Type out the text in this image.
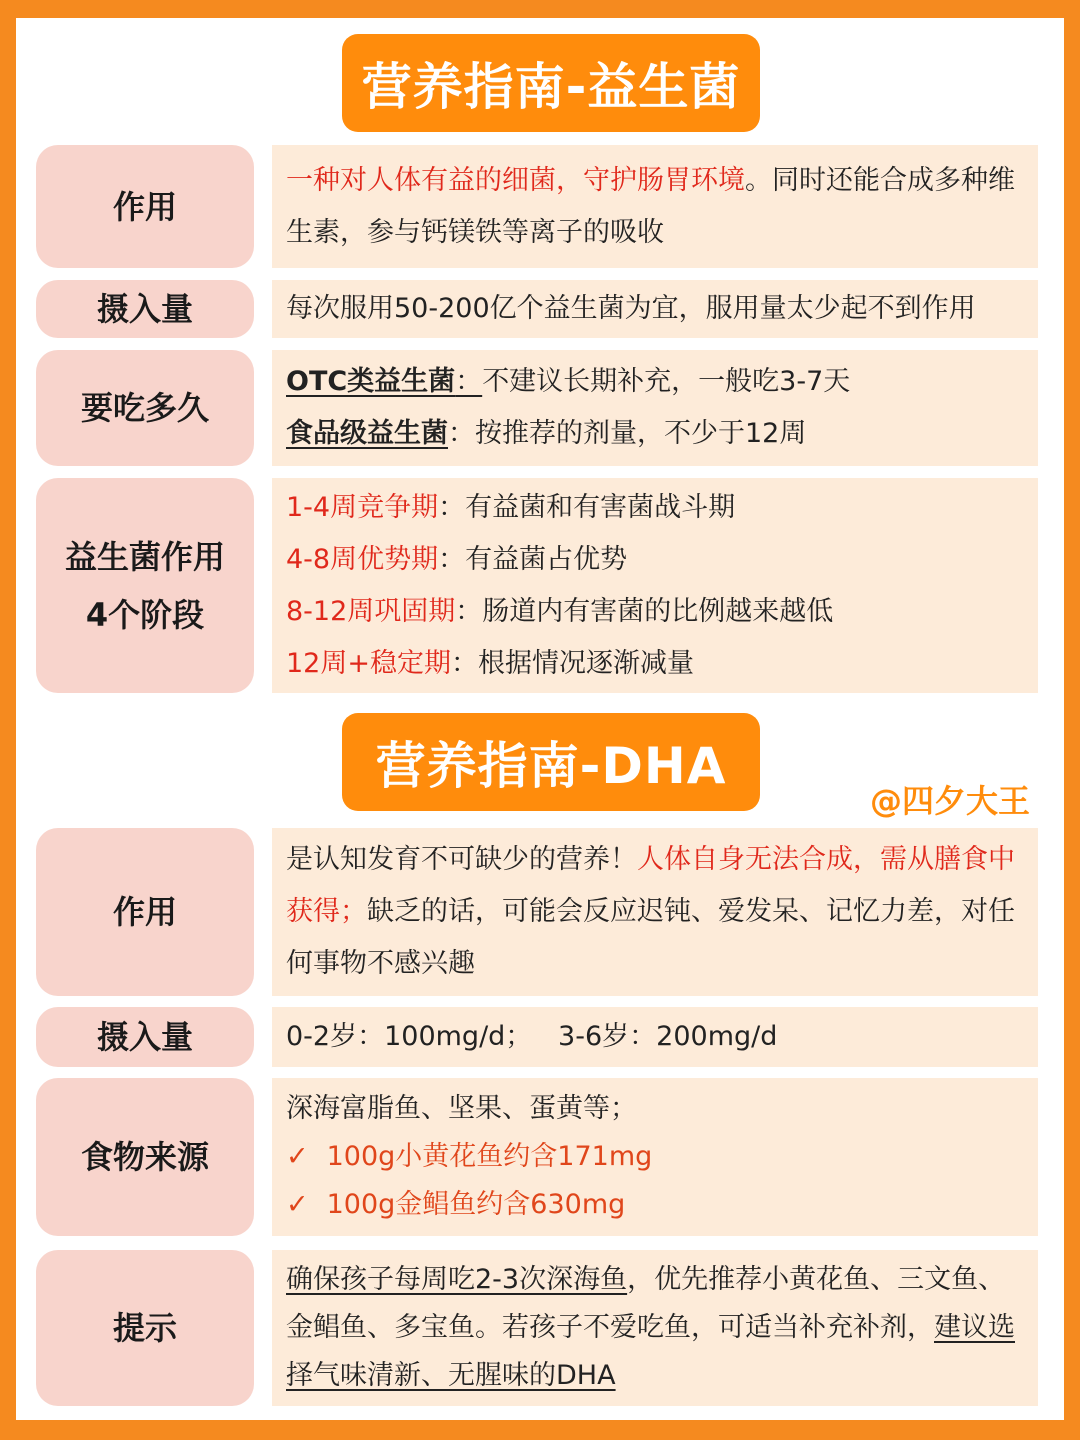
营养指南-益生菌
作用
一种对人体有益的细菌，守护肠胃环境。同时还能合成多种维生素，参与钙镁铁等离子的吸收
摄入量	每次服用50-200亿个益生菌为宜，服用量太少起不到作用
要吃多久
OTC类益生菌：不建议长期补充，一般吃3-7天
食品级益生菌：按推荐的剂量，不少于12周
益生菌作用
4个阶段
1-4周竞争期：有益菌和有害菌战斗期
4-8周优势期：有益菌占优势
8-12周巩固期：肠道内有害菌的比例越来越低
12周+稳定期：根据情况逐渐减量
营养指南-DHA
@四夕大王
作用
是认知发育不可缺少的营养！人体自身无法合成，需从膳食中获得；缺乏的话，可能会反应迟钝、爱发呆、记忆力差，对任何事物不感兴趣
摄入量	0-2岁：100mg/d；   3-6岁：200mg/d
食物来源
深海富脂鱼、坚果、蛋黄等；
✓ 100g小黄花鱼约含171mg
✓ 100g金鲳鱼约含630mg
提示
确保孩子每周吃2-3次深海鱼，优先推荐小黄花鱼、三文鱼、金鲳鱼、多宝鱼。若孩子不爱吃鱼，可适当补充补剂，建议选择气味清新、无腥味的DHA
